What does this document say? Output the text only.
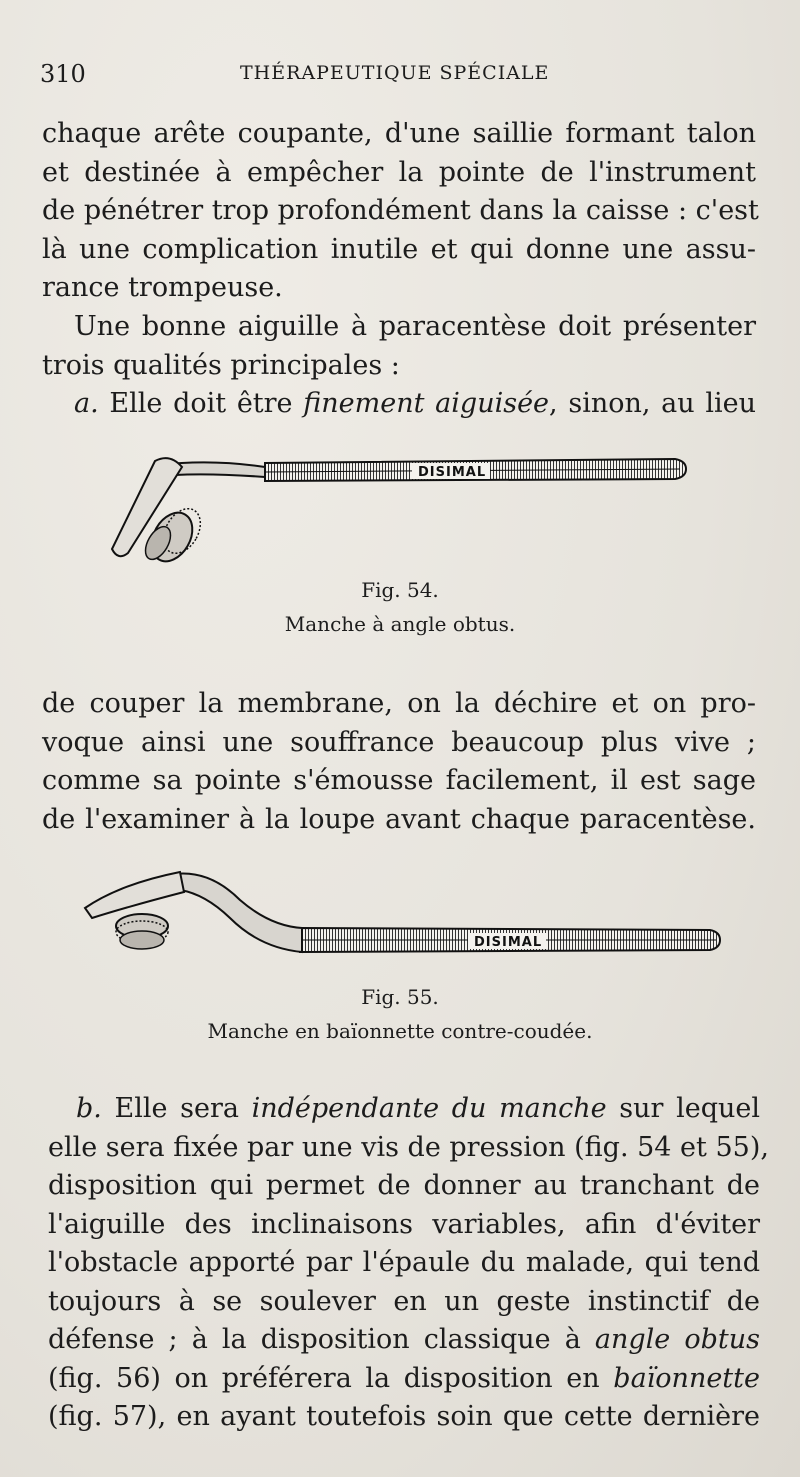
310	THÉRAPEUTIQUE SPÉCIALE
chaque arête coupante, d'une saillie formant talon
et destinée à empêcher la pointe de l'instrument
de pénétrer trop profondément dans la caisse : c'est
là une complication inutile et qui donne une assu-
rance trompeuse.
Une bonne aiguille à paracentèse doit présenter
trois qualités principales :
a. Elle doit être finement aiguisée, sinon, au lieu
DISIMAL
Fig. 54.
Manche à angle obtus.
de couper la membrane, on la déchire et on pro-
voque ainsi une souffrance beaucoup plus vive ;
comme sa pointe s'émousse facilement, il est sage
de l'examiner à la loupe avant chaque paracentèse.
DISIMAL
Fig. 55.
Manche en baïonnette contre-coudée.
b. Elle sera indépendante du manche sur lequel
elle sera fixée par une vis de pression (fig. 54 et 55),
disposition qui permet de donner au tranchant de
l'aiguille des inclinaisons variables, afin d'éviter
l'obstacle apporté par l'épaule du malade, qui tend
toujours à se soulever en un geste instinctif de
défense ; à la disposition classique à angle obtus
(fig. 56) on préférera la disposition en baïonnette
(fig. 57), en ayant toutefois soin que cette dernière
